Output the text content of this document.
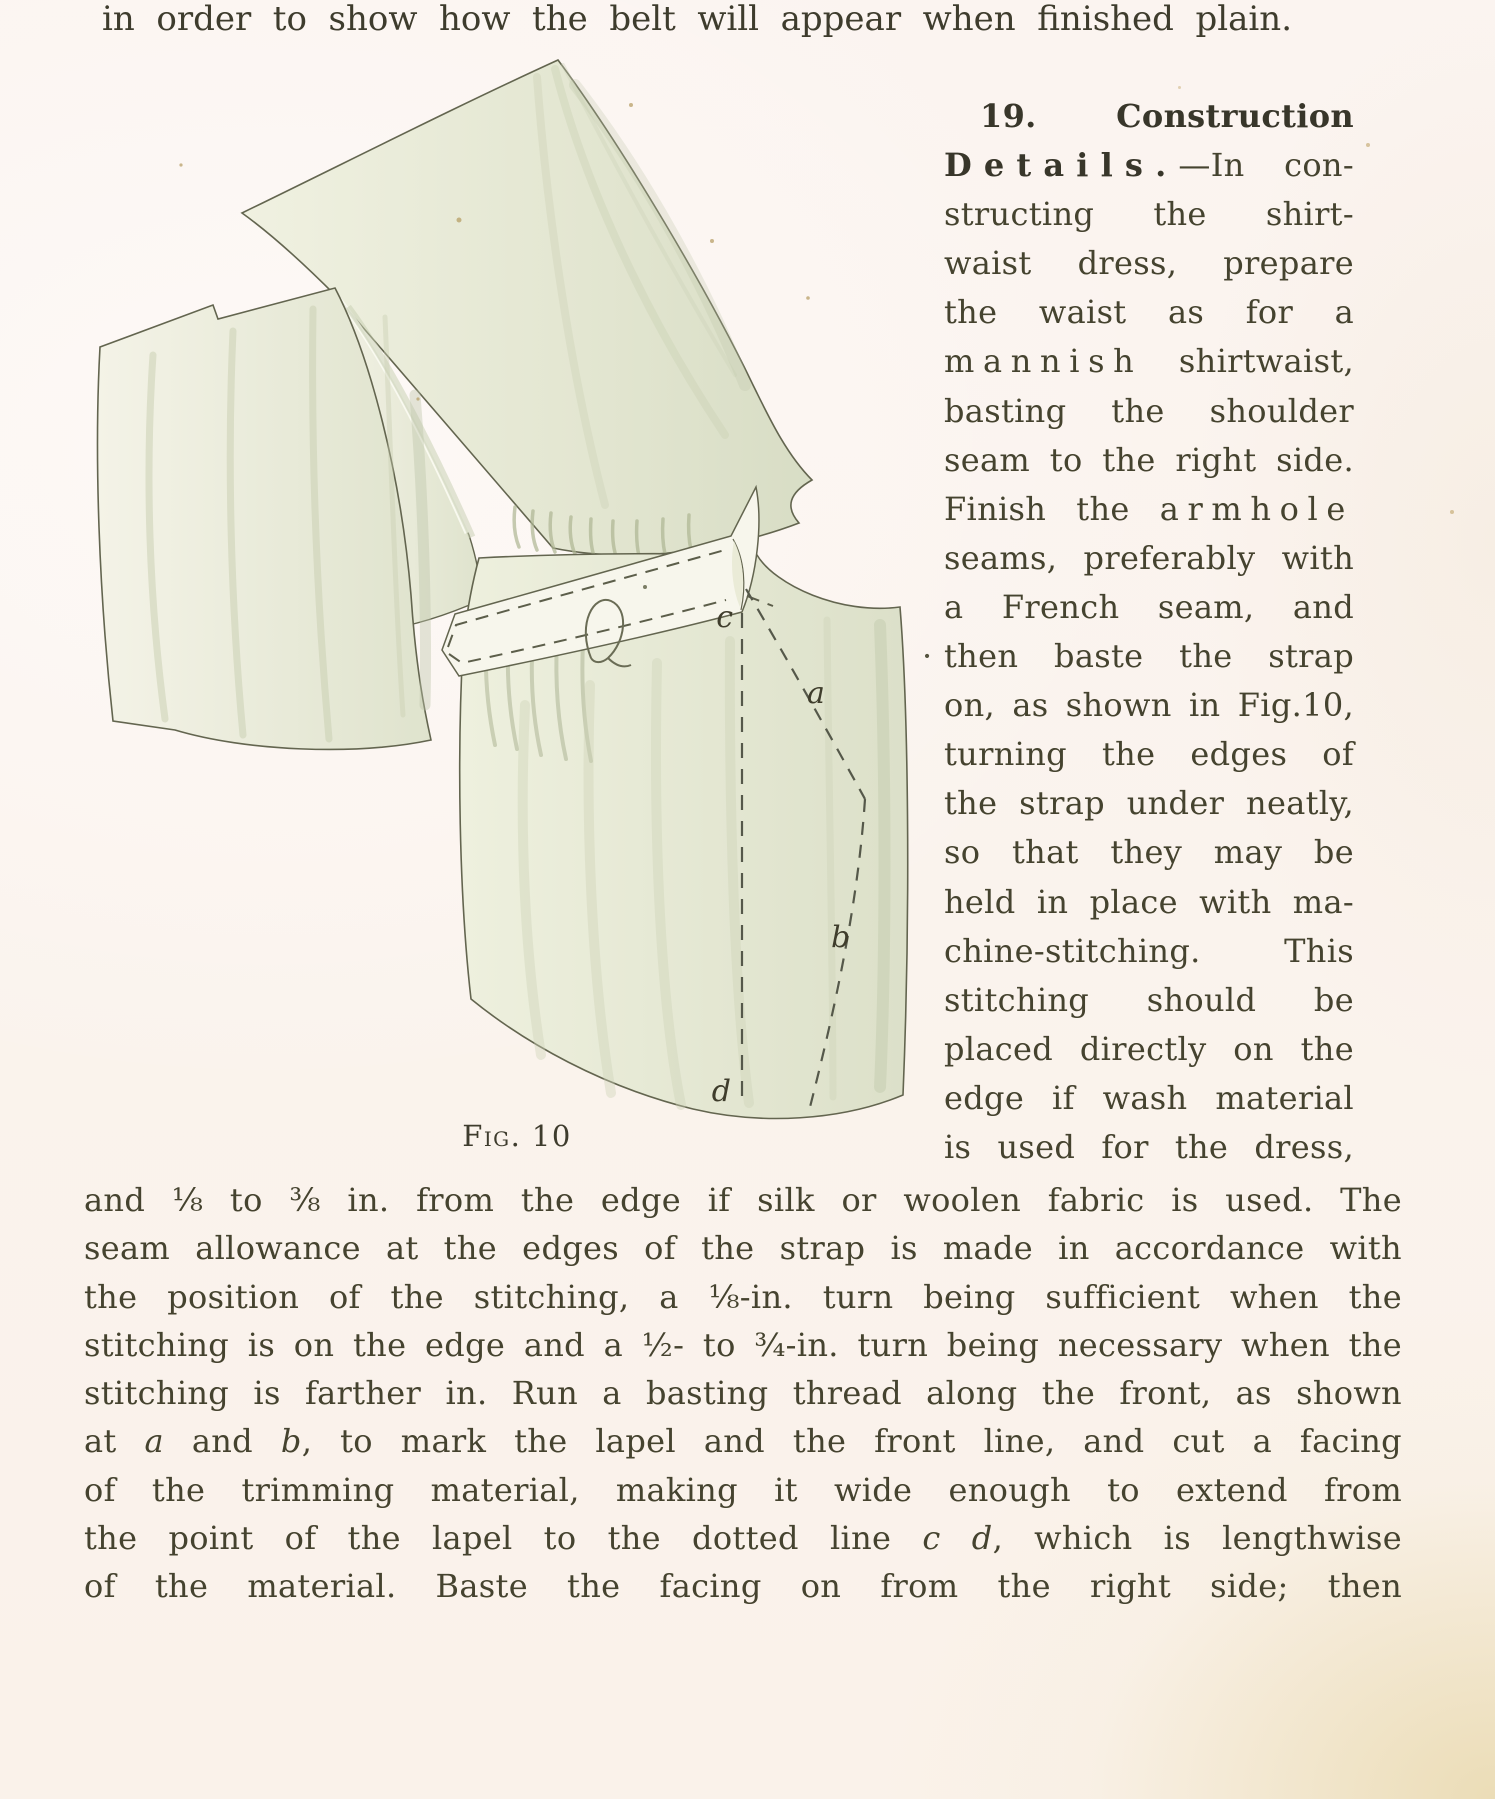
in order to show how the belt will appear when finished plain.
c
a
b
d
Fig. 10
19. Construction
Details.—In con-
structing the shirt-
waist dress, prepare
the waist as for a
mannish shirtwaist,
basting the shoulder
seam to the right side.
Finish the armhole
seams, preferably with
a French seam, and
· then baste the strap
on, as shown in Fig.10,
turning the edges of
the strap under neatly,
so that they may be
held in place with ma-
chine-stitching. This
stitching should be
placed directly on the
edge if wash material
is used for the dress,
and ⅛ to ⅜ in. from the edge if silk or woolen fabric is used. The
seam allowance at the edges of the strap is made in accordance with
the position of the stitching, a ⅛-in. turn being sufficient when the
stitching is on the edge and a ½- to ¾-in. turn being necessary when the
stitching is farther in. Run a basting thread along the front, as shown
at a and b, to mark the lapel and the front line, and cut a facing
of the trimming material, making it wide enough to extend from
the point of the lapel to the dotted line c d, which is lengthwise
of the material. Baste the facing on from the right side; then
